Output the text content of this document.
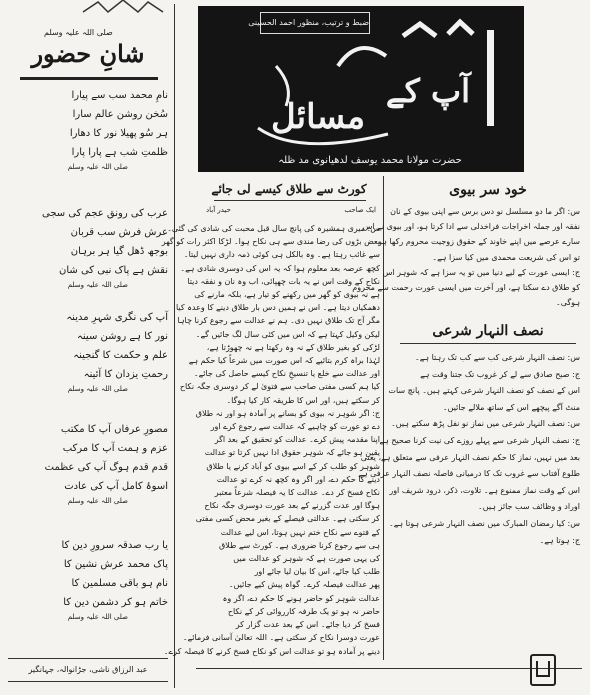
صلی اللہ علیہ وسلم
شانِ حضور
نامِ محمد سب سے پیارا
سُخن روشن عالم سارا
ہر سُو پھیلا نور کا دھارا
ظلمتِ شب ہے پارا پارا
صلی اللہ علیہ وسلم
عرب کی رونق عجم کی سجی
عرش فرش سب قربان
بوجھ ڈھل گیا ہر برہان
نقش ہے پاک نبی کی شان
صلی اللہ علیہ وسلم
آپ کی نگری شہرِ مدینہ
نور کا ہے روشن سینہ
علم و حکمت کا گنجینہ
رحمتِ یزدان کا آئینہ
صلی اللہ علیہ وسلم
مصورِ عرفاں آپ کا مکتب
عزم و ہمت آپ کا مرکب
قدم قدم ہوگ آپ کی عظمت
اسوۂ کامل آپ کی عادت
صلی اللہ علیہ وسلم
یا رب صدقہ سرورِ دین کا
پاک محمد عرش نشین کا
نام ہو باقی مسلمین کا
خاتم ہو کر دشمن دین کا
صلی اللہ علیہ وسلم
عبد الرزاق ناشی، جڑانوالہ، جہانگیر
آپ کے
مسائل
حضرت مولانا محمد یوسف لدھیانوی مد ظلہ
ضبط و ترتیب، منظور احمد الحسینی
خود سر بیوی
س: اگر ما دو مسلسل نو دس برس سے اپنی بیوی کے نان
نفقہ اور جملہ اخراجات فراخدلی سے ادا کرتا ہو، اور بیوی نے اس
سارے عرصے میں اپنے خاوند کے حقوق زوجیت محروم رکھا ہو
تو اس کی شریعت محمدی میں کیا سزا ہے۔
ج: ایسی عورت کے لیے دنیا میں تو یہ سزا ہے کہ شوہر اس
کو طلاق دے سکتا ہے، اور آخرت میں ایسی عورت رحمت سے محروم
ہوگی۔
نصف النہار شرعی
س: نصف النہار شرعی کب سے کب تک رہتا ہے۔
ج: صبح صادق سے لے کر غروب تک جتنا وقت ہے
اس کے نصف کو نصف النہار شرعی کہتے ہیں۔ پانچ سات
منٹ آگے پیچھے اس کے ساتھ ملالے جائیں۔
س: نصف النہار شرعی میں نماز نو نفل پڑھ سکتے ہیں۔
ج: نصف النہار شرعی سے پہلے روزے کی نیت کرنا صحیح ہے
بعد میں نہیں، نماز کا حکم نصف النہار عرفی سے متعلق ہے، یعنی
طلوع آفتاب سے غروب تک کا درمیانی فاصلہ نصف النہار عرفی ہے
اس کے وقت نماز ممنوع ہے۔ تلاوت، ذکر، درود شریف اور
اوراد و وظائف سب جائز ہیں۔
س: کیا رمضان المبارک میں نصف النہار شرعی ہوتا ہے۔
ج: ہوتا ہے۔
کورٹ سے طلاق کیسے لی جائے
ایک صاحب
حیدر آباد
س: میری ہمشیرہ کی پانچ سال قبل محبت کی شادی کی گئی۔
بعض بڑوں کی رضا مندی سے ہی نکاح ہوا۔ لڑکا اکثر رات کو گھر
سے غائب رہتا ہے۔ وہ بالکل ہی کوئی ذمہ داری نہیں لیتا۔
کچھ عرصہ بعد معلوم ہوا کہ یہ اس کی دوسری شادی ہے۔
نکاح کے وقت اس نے یہ بات چھپائی، اب وہ نان و نفقہ دیتا
ہے نہ بیوی کو گھر میں رکھنے کو تیار ہے، بلکہ مارنے کی
دھمکیاں دیتا ہے۔ اس نے ہمیں دس بار طلاق دینے کا وعدہ کیا
مگر آج تک طلاق نہیں دی۔ ہم نے عدالت سے رجوع کرنا چاہا
لیکن وکیل کہتا ہے کہ اس میں کئی سال لگ جائیں گے۔
لڑکی کو بغیر طلاق کے نہ وہ رکھتا ہے نہ چھوڑتا ہے،
لہٰذا براہ کرم بتائیے کہ اس صورت میں شرعاً کیا حکم ہے
اور عدالت سے خلع یا تنسیخِ نکاح کیسے حاصل کی جائے۔
کیا ہم کسی مفتی صاحب سے فتویٰ لے کر دوسری جگہ نکاح
کر سکتے ہیں، اور اس کا طریقہ کار کیا ہوگا۔
ج: اگر شوہر نہ بیوی کو بسانے پر آمادہ ہو اور نہ طلاق
دے تو عورت کو چاہیے کہ عدالت سے رجوع کرے اور
اپنا مقدمہ پیش کرے۔ عدالت کو تحقیق کے بعد اگر
یقین ہو جائے کہ شوہر حقوق ادا نہیں کرتا تو عدالت
شوہر کو طلب کر کے اسے بیوی کو آباد کرنے یا طلاق
دینے کا حکم دے، اور اگر وہ کچھ نہ کرے تو عدالت
نکاح فسخ کر دے۔ عدالت کا یہ فیصلہ شرعاً معتبر
ہوگا اور عدت گزرنے کے بعد عورت دوسری جگہ نکاح
کر سکتی ہے۔ عدالتی فیصلے کے بغیر محض کسی مفتی
کے فتوے سے نکاح ختم نہیں ہوتا، اس لیے عدالت
ہی سے رجوع کرنا ضروری ہے۔ کورٹ سے طلاق
کی یہی صورت ہے کہ شوہر کو عدالت میں
طلب کیا جائے، اس کا بیان لیا جائے اور
پھر عدالت فیصلہ کرے۔ گواہ پیش کیے جائیں۔
عدالت شوہر کو حاضر ہونے کا حکم دے، اگر وہ
حاضر نہ ہو تو یک طرفہ کارروائی کر کے نکاح
فسخ کر دیا جائے۔ اس کے بعد عدت گزار کر
عورت دوسرا نکاح کر سکتی ہے۔ اللہ تعالیٰ آسانی فرمائے۔
دینے پر آمادہ ہو تو عدالت اس کو نکاح فسخ کرنے کا فیصلہ کرے۔
